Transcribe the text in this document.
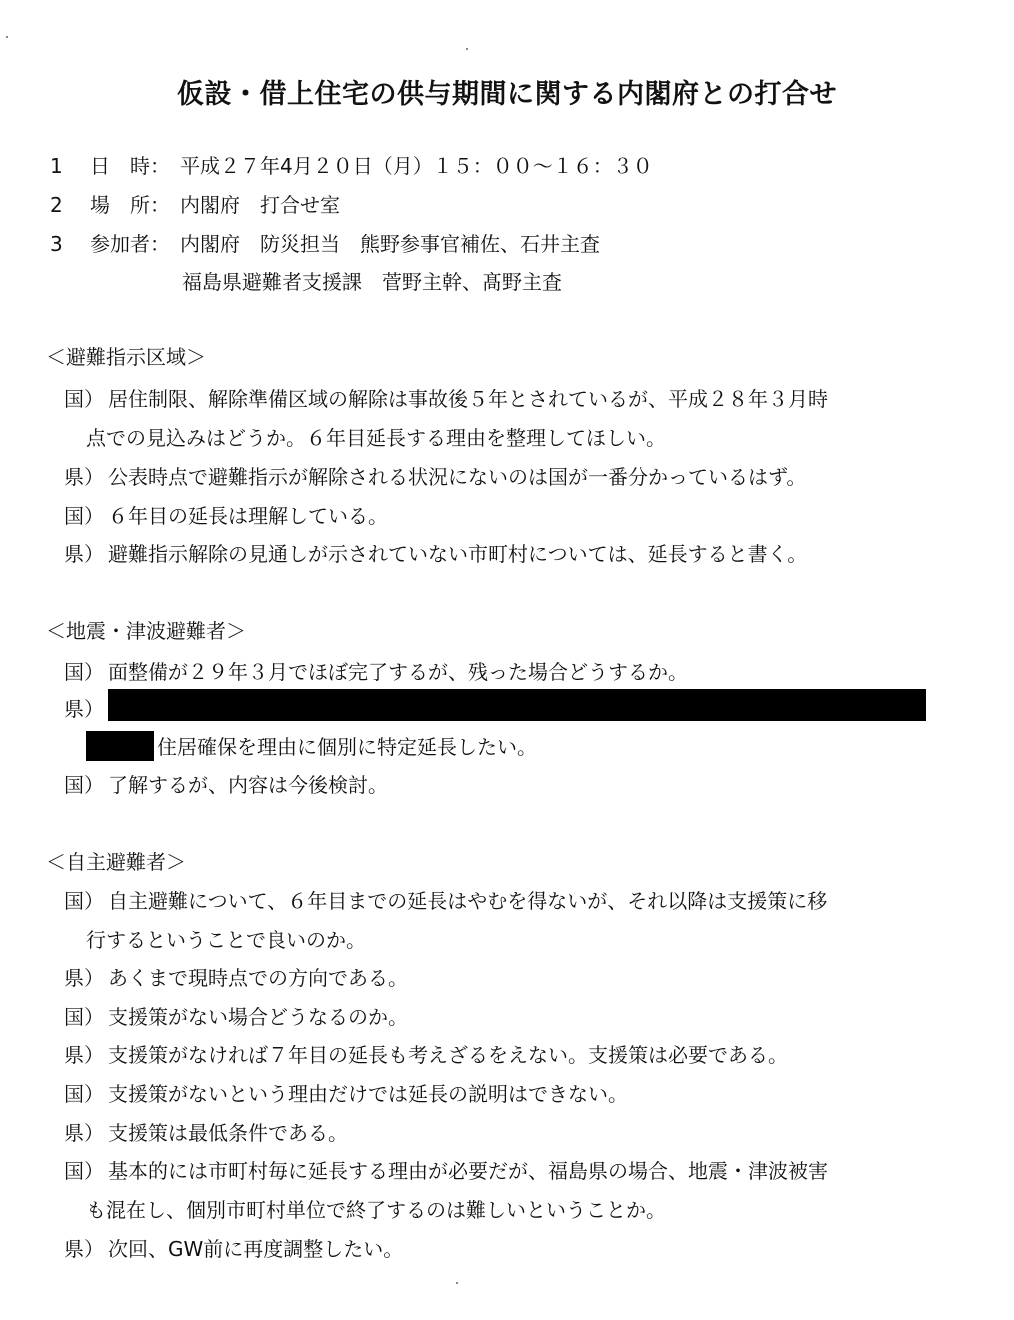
仮設・借上住宅の供与期間に関する内閣府との打合せ
1 日　時： 平成２７年4月２０日（月）１５：００～１６：３０
2 場　所： 内閣府　打合せ室
3 参加者： 内閣府　防災担当　熊野参事官補佐、石井主査
福島県避難者支援課　菅野主幹、髙野主査
＜避難指示区域＞
国） 居住制限、解除準備区域の解除は事故後５年とされているが、平成２８年３月時
点での見込みはどうか。６年目延長する理由を整理してほしい。
県） 公表時点で避難指示が解除される状況にないのは国が一番分かっているはず。
国） ６年目の延長は理解している。
県） 避難指示解除の見通しが示されていない市町村については、延長すると書く。
＜地震・津波避難者＞
国） 面整備が２９年３月でほぼ完了するが、残った場合どうするか。
県）
住居確保を理由に個別に特定延長したい。
国） 了解するが、内容は今後検討。
＜自主避難者＞
国） 自主避難について、６年目までの延長はやむを得ないが、それ以降は支援策に移
行するということで良いのか。
県） あくまで現時点での方向である。
国） 支援策がない場合どうなるのか。
県） 支援策がなければ７年目の延長も考えざるをえない。支援策は必要である。
国） 支援策がないという理由だけでは延長の説明はできない。
県） 支援策は最低条件である。
国） 基本的には市町村毎に延長する理由が必要だが、福島県の場合、地震・津波被害
も混在し、個別市町村単位で終了するのは難しいということか。
県） 次回、GW前に再度調整したい。
